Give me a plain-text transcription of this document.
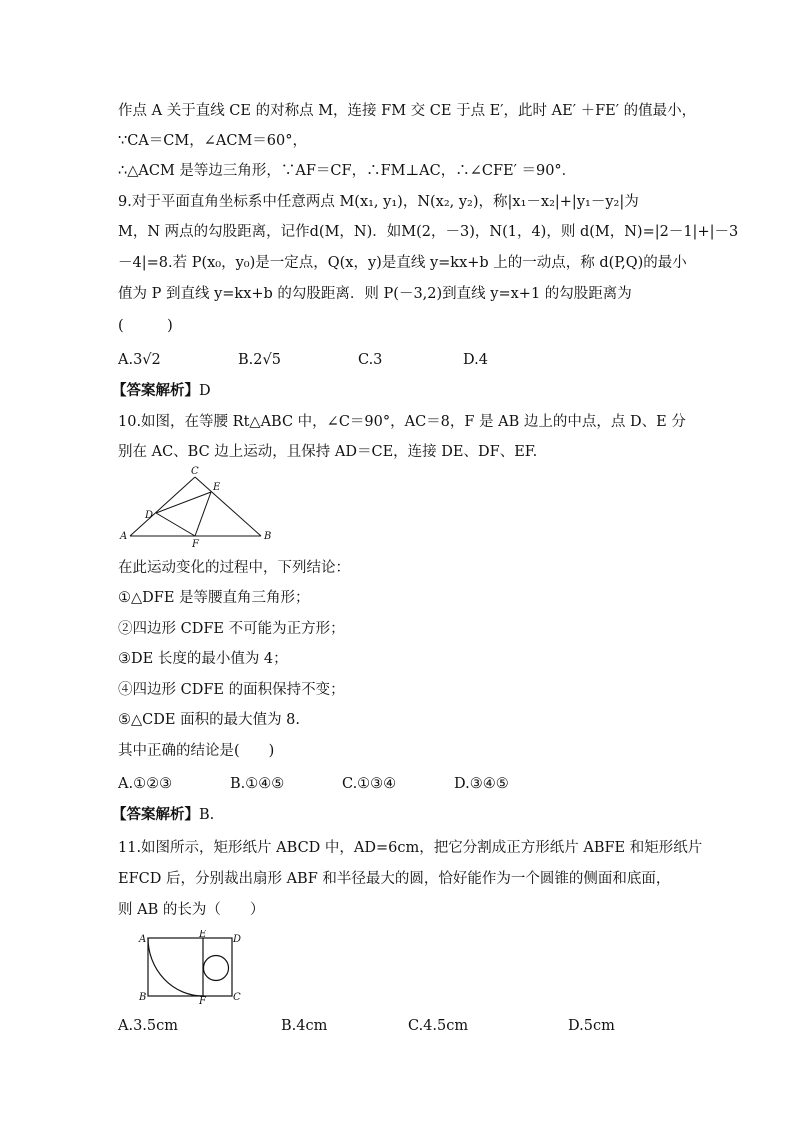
作点 A 关于直线 CE 的对称点 M，连接 FM 交 CE 于点 E′，此时 AE′ ＋FE′ 的值最小，
∵CA＝CM，∠ACM＝60°，
∴△ACM 是等边三角形，∵AF＝CF，∴FM⊥AC，∴∠CFE′ ＝90°．
9.对于平面直角坐标系中任意两点 M(x₁, y₁)，N(x₂, y₂)，称|x₁－x₂|+|y₁－y₂|为
M，N 两点的勾股距离，记作d(M，N)．如M(2，－3)，N(1，4)，则 d(M，N)=|2－1|+|－3
－4|=8.若 P(x₀，y₀)是一定点，Q(x，y)是直线 y=kx+b 上的一动点，称 d(P,Q)的最小
值为 P 到直线 y=kx+b 的勾股距离．则 P(－3,2)到直线 y=x+1 的勾股距离为
(　　　)
A.3√2	B.2√5	C.3	D.4
【答案解析】D
10.如图，在等腰 Rt△ABC 中，∠C＝90°，AC＝8，F 是 AB 边上的中点，点 D、E 分
别在 AC、BC 边上运动，且保持 AD＝CE，连接 DE、DF、EF.
A	B
C
D
E
F
在此运动变化的过程中，下列结论：
①△DFE 是等腰直角三角形；
②四边形 CDFE 不可能为正方形；
③DE 长度的最小值为 4；
④四边形 CDFE 的面积保持不变；
⑤△CDE 面积的最大值为 8.
其中正确的结论是(　　)
A.①②③	B.①④⑤	C.①③④	D.③④⑤
【答案解析】B.
11.如图所示，矩形纸片 ABCD 中，AD=6cm，把它分割成正方形纸片 ABFE 和矩形纸片
EFCD 后，分别裁出扇形 ABF 和半径最大的圆，恰好能作为一个圆锥的侧面和底面，
则 AB 的长为（　　）
A
B	C
D
E
F
A.3.5cm	B.4cm	C.4.5cm	D.5cm
